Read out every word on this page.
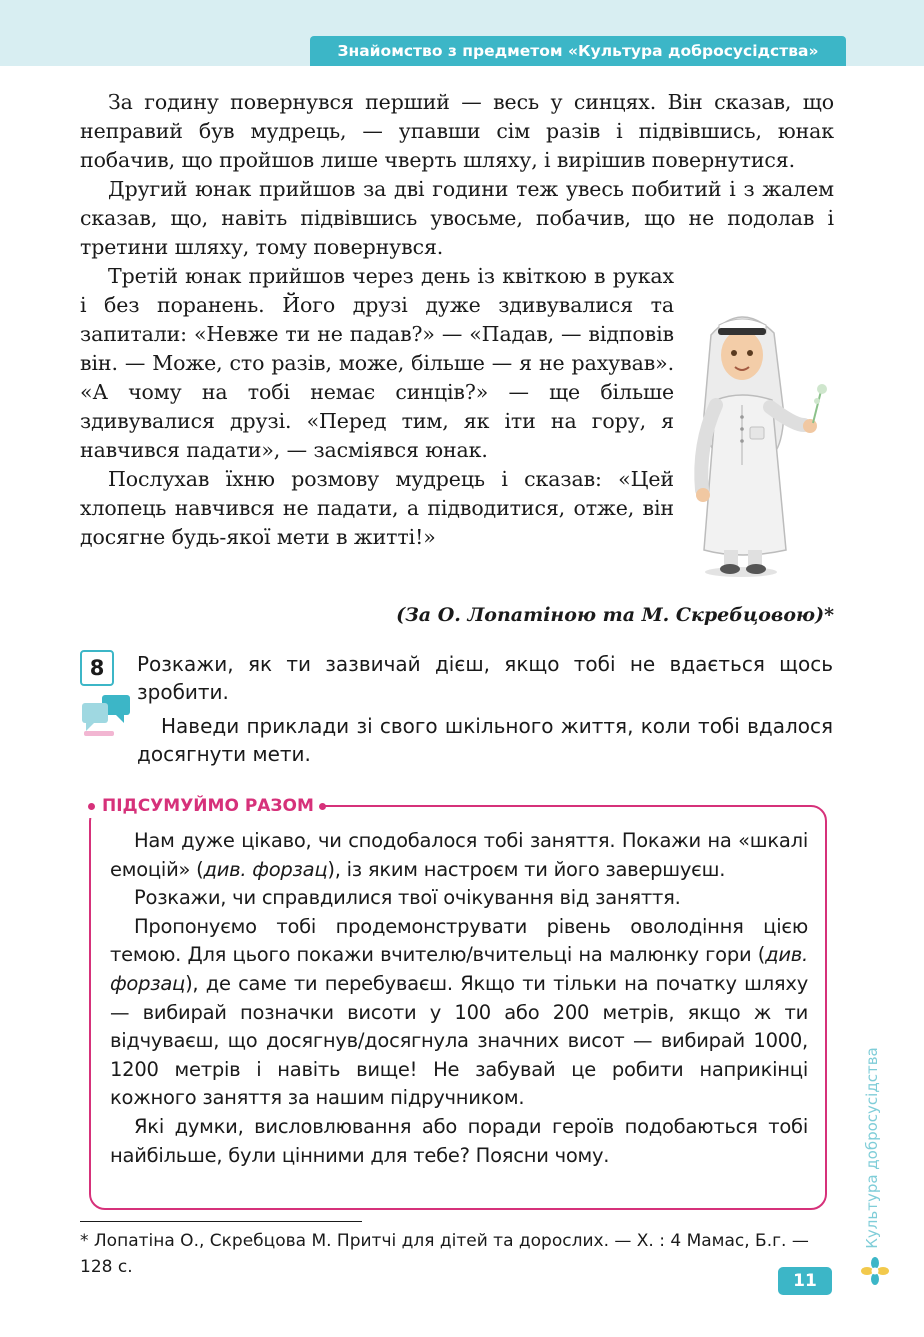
Знайомство з предметом «Культура добросусідства»

За годину повернувся перший — весь у синцях. Він сказав, що неправий був мудрець, — упавши сім разів і підвівшись, юнак побачив, що пройшов лише чверть шляху, і вирішив повернутися.

Другий юнак прийшов за дві години теж увесь побитий і з жалем сказав, що, навіть підвівшись увосьме, побачив, що не подолав і третини шляху, тому повернувся.

Третій юнак прийшов через день із квіткою в руках і без поранень. Його друзі дуже здивувалися та запитали: «Невже ти не падав?» — «Падав, — відповів він. — Може, сто разів, може, більше — я не рахував». «А чому на тобі немає синців?» — ще більше здивувалися друзі. «Перед тим, як іти на гору, я навчився падати», — засміявся юнак.

Послухав їхню розмову мудрець і сказав: «Цей хлопець навчився не падати, а підводитися, отже, він досягне будь-якої мети в житті!»

(За О. Лопатіною та М. Скребцовою)*
8	Розкажи, як ти зазвичай дієш, якщо тобі не вдається щось зробити.

Наведи приклади зі свого шкільного життя, коли тобі вдалося досягнути мети.

ПІДСУМУЙМО РАЗОМ

Нам дуже цікаво, чи сподобалося тобі заняття. Покажи на «шкалі емоцій» (див. форзац), із яким настроєм ти його завершуєш.

Розкажи, чи справдилися твої очікування від заняття.

Пропонуємо тобі продемонструвати рівень оволодіння цією темою. Для цього покажи вчителю/вчительці на малюнку гори (див. форзац), де саме ти перебуваєш. Якщо ти тільки на початку шляху — вибирай позначки висоти у 100 або 200 метрів, якщо ж ти відчуваєш, що досягнув/досягнула значних висот — вибирай 1000, 1200 метрів і навіть вище! Не забувай це робити наприкінці кожного заняття за нашим підручником.

Які думки, висловлювання або поради героїв подобаються тобі найбільше, були цінними для тебе? Поясни чому.

* Лопатіна О., Скребцова М. Притчі для дітей та дорослих. — Х. : 4 Мамас, Б.г. —128 с.
Культура добросусідства
11
